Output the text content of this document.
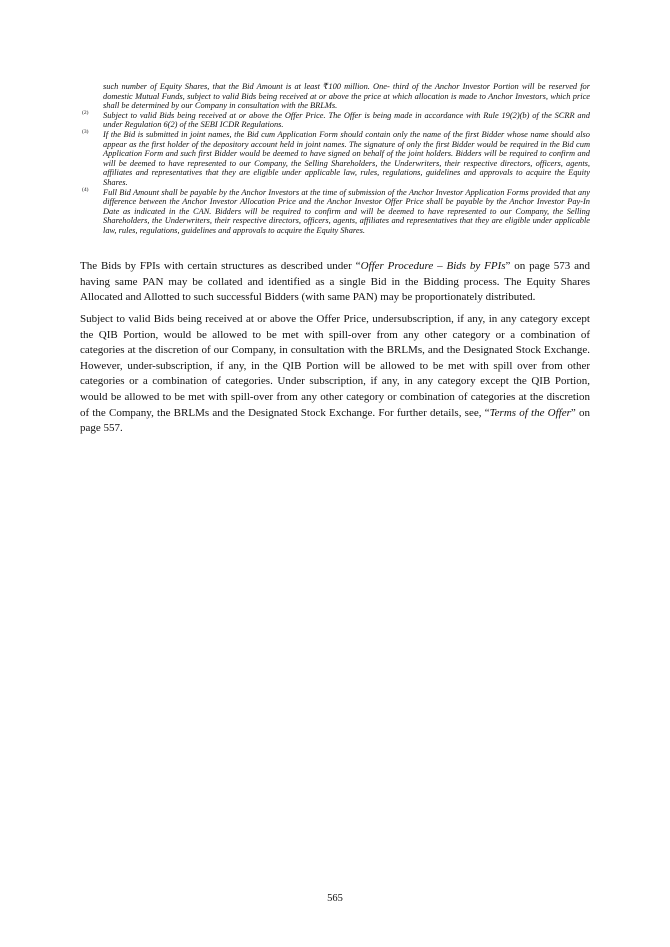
such number of Equity Shares, that the Bid Amount is at least ₹100 million. One- third of the Anchor Investor Portion will be reserved for domestic Mutual Funds, subject to valid Bids being received at or above the price at which allocation is made to Anchor Investors, which price shall be determined by our Company in consultation with the BRLMs.
(2) Subject to valid Bids being received at or above the Offer Price. The Offer is being made in accordance with Rule 19(2)(b) of the SCRR and under Regulation 6(2) of the SEBI ICDR Regulations.
(3) If the Bid is submitted in joint names, the Bid cum Application Form should contain only the name of the first Bidder whose name should also appear as the first holder of the depository account held in joint names. The signature of only the first Bidder would be required in the Bid cum Application Form and such first Bidder would be deemed to have signed on behalf of the joint holders. Bidders will be required to confirm and will be deemed to have represented to our Company, the Selling Shareholders, the Underwriters, their respective directors, officers, agents, affiliates and representatives that they are eligible under applicable law, rules, regulations, guidelines and approvals to acquire the Equity Shares.
(4) Full Bid Amount shall be payable by the Anchor Investors at the time of submission of the Anchor Investor Application Forms provided that any difference between the Anchor Investor Allocation Price and the Anchor Investor Offer Price shall be payable by the Anchor Investor Pay-In Date as indicated in the CAN. Bidders will be required to confirm and will be deemed to have represented to our Company, the Selling Shareholders, the Underwriters, their respective directors, officers, agents, affiliates and representatives that they are eligible under applicable law, rules, regulations, guidelines and approvals to acquire the Equity Shares.

The Bids by FPIs with certain structures as described under “Offer Procedure – Bids by FPIs” on page 573 and having same PAN may be collated and identified as a single Bid in the Bidding process. The Equity Shares Allocated and Allotted to such successful Bidders (with same PAN) may be proportionately distributed.

Subject to valid Bids being received at or above the Offer Price, undersubscription, if any, in any category except the QIB Portion, would be allowed to be met with spill-over from any other category or a combination of categories at the discretion of our Company, in consultation with the BRLMs, and the Designated Stock Exchange. However, under-subscription, if any, in the QIB Portion will be allowed to be met with spill over from other categories or a combination of categories. Under subscription, if any, in any category except the QIB Portion, would be allowed to be met with spill-over from any other category or combination of categories at the discretion of the Company, the BRLMs and the Designated Stock Exchange. For further details, see, “Terms of the Offer” on page 557.

565
